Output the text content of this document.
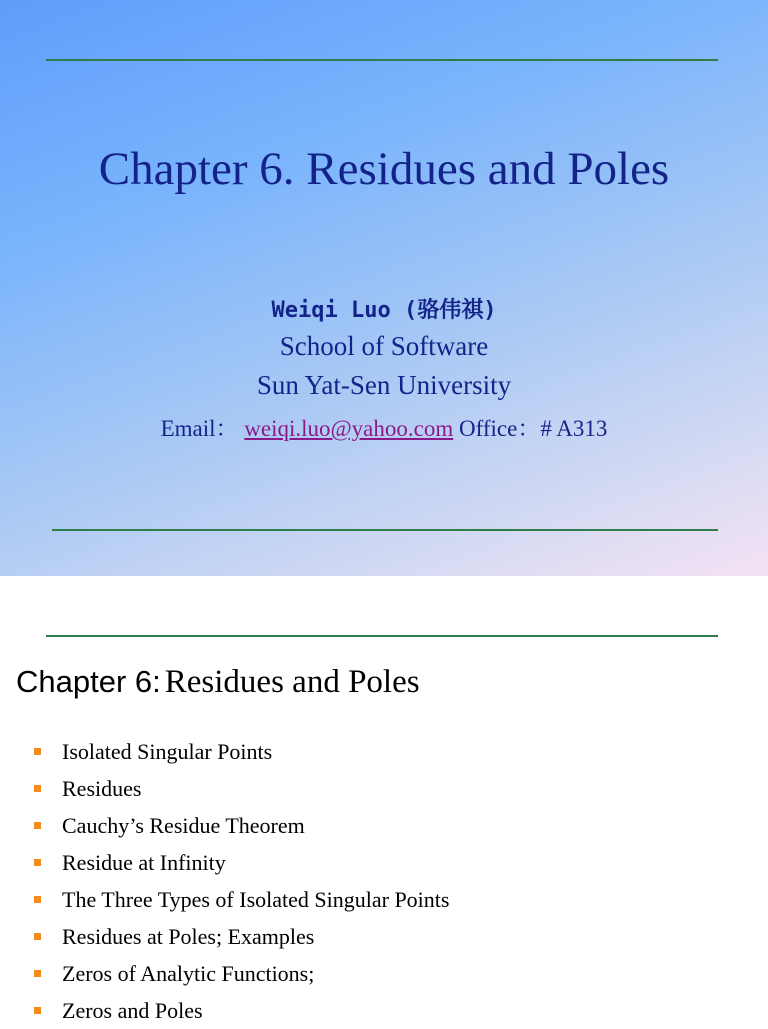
Chapter 6. Residues and Poles
Weiqi Luo (骆伟祺)
School of Software
Sun Yat-Sen University
Email： weiqi.luo@yahoo.com Office：# A313
Chapter 6: Residues and Poles
Isolated Singular Points
Residues
Cauchy’s Residue Theorem
Residue at Infinity
The Three Types of Isolated Singular Points
Residues at Poles; Examples
Zeros of Analytic Functions;
Zeros and Poles
